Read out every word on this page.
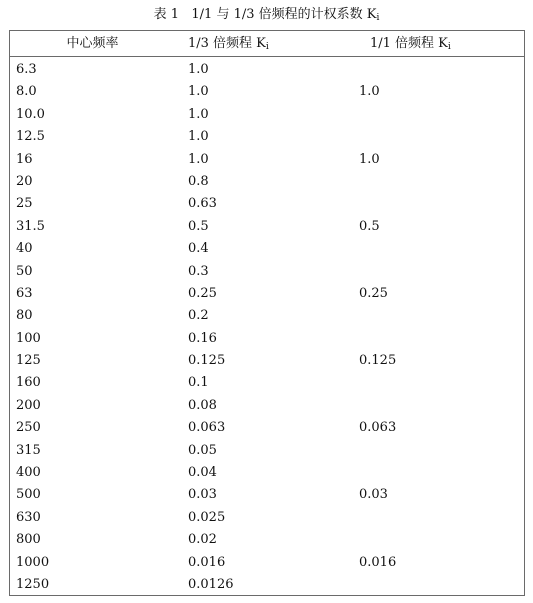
表 1 1/1 与 1/3 倍频程的计权系数 $K_i$
中心频率	1/3 倍频程 $K_i$	1/1 倍频程 $K_i$
6.3	1.0
8.0	1.0	1.0
10.0	1.0
12.5	1.0
16	1.0	1.0
20	0.8
25	0.63
31.5	0.5	0.5
40	0.4
50	0.3
63	0.25	0.25
80	0.2
100	0.16
125	0.125	0.125
160	0.1
200	0.08
250	0.063	0.063
315	0.05
400	0.04
500	0.03	0.03
630	0.025
800	0.02
1000	0.016	0.016
1250	0.0126
